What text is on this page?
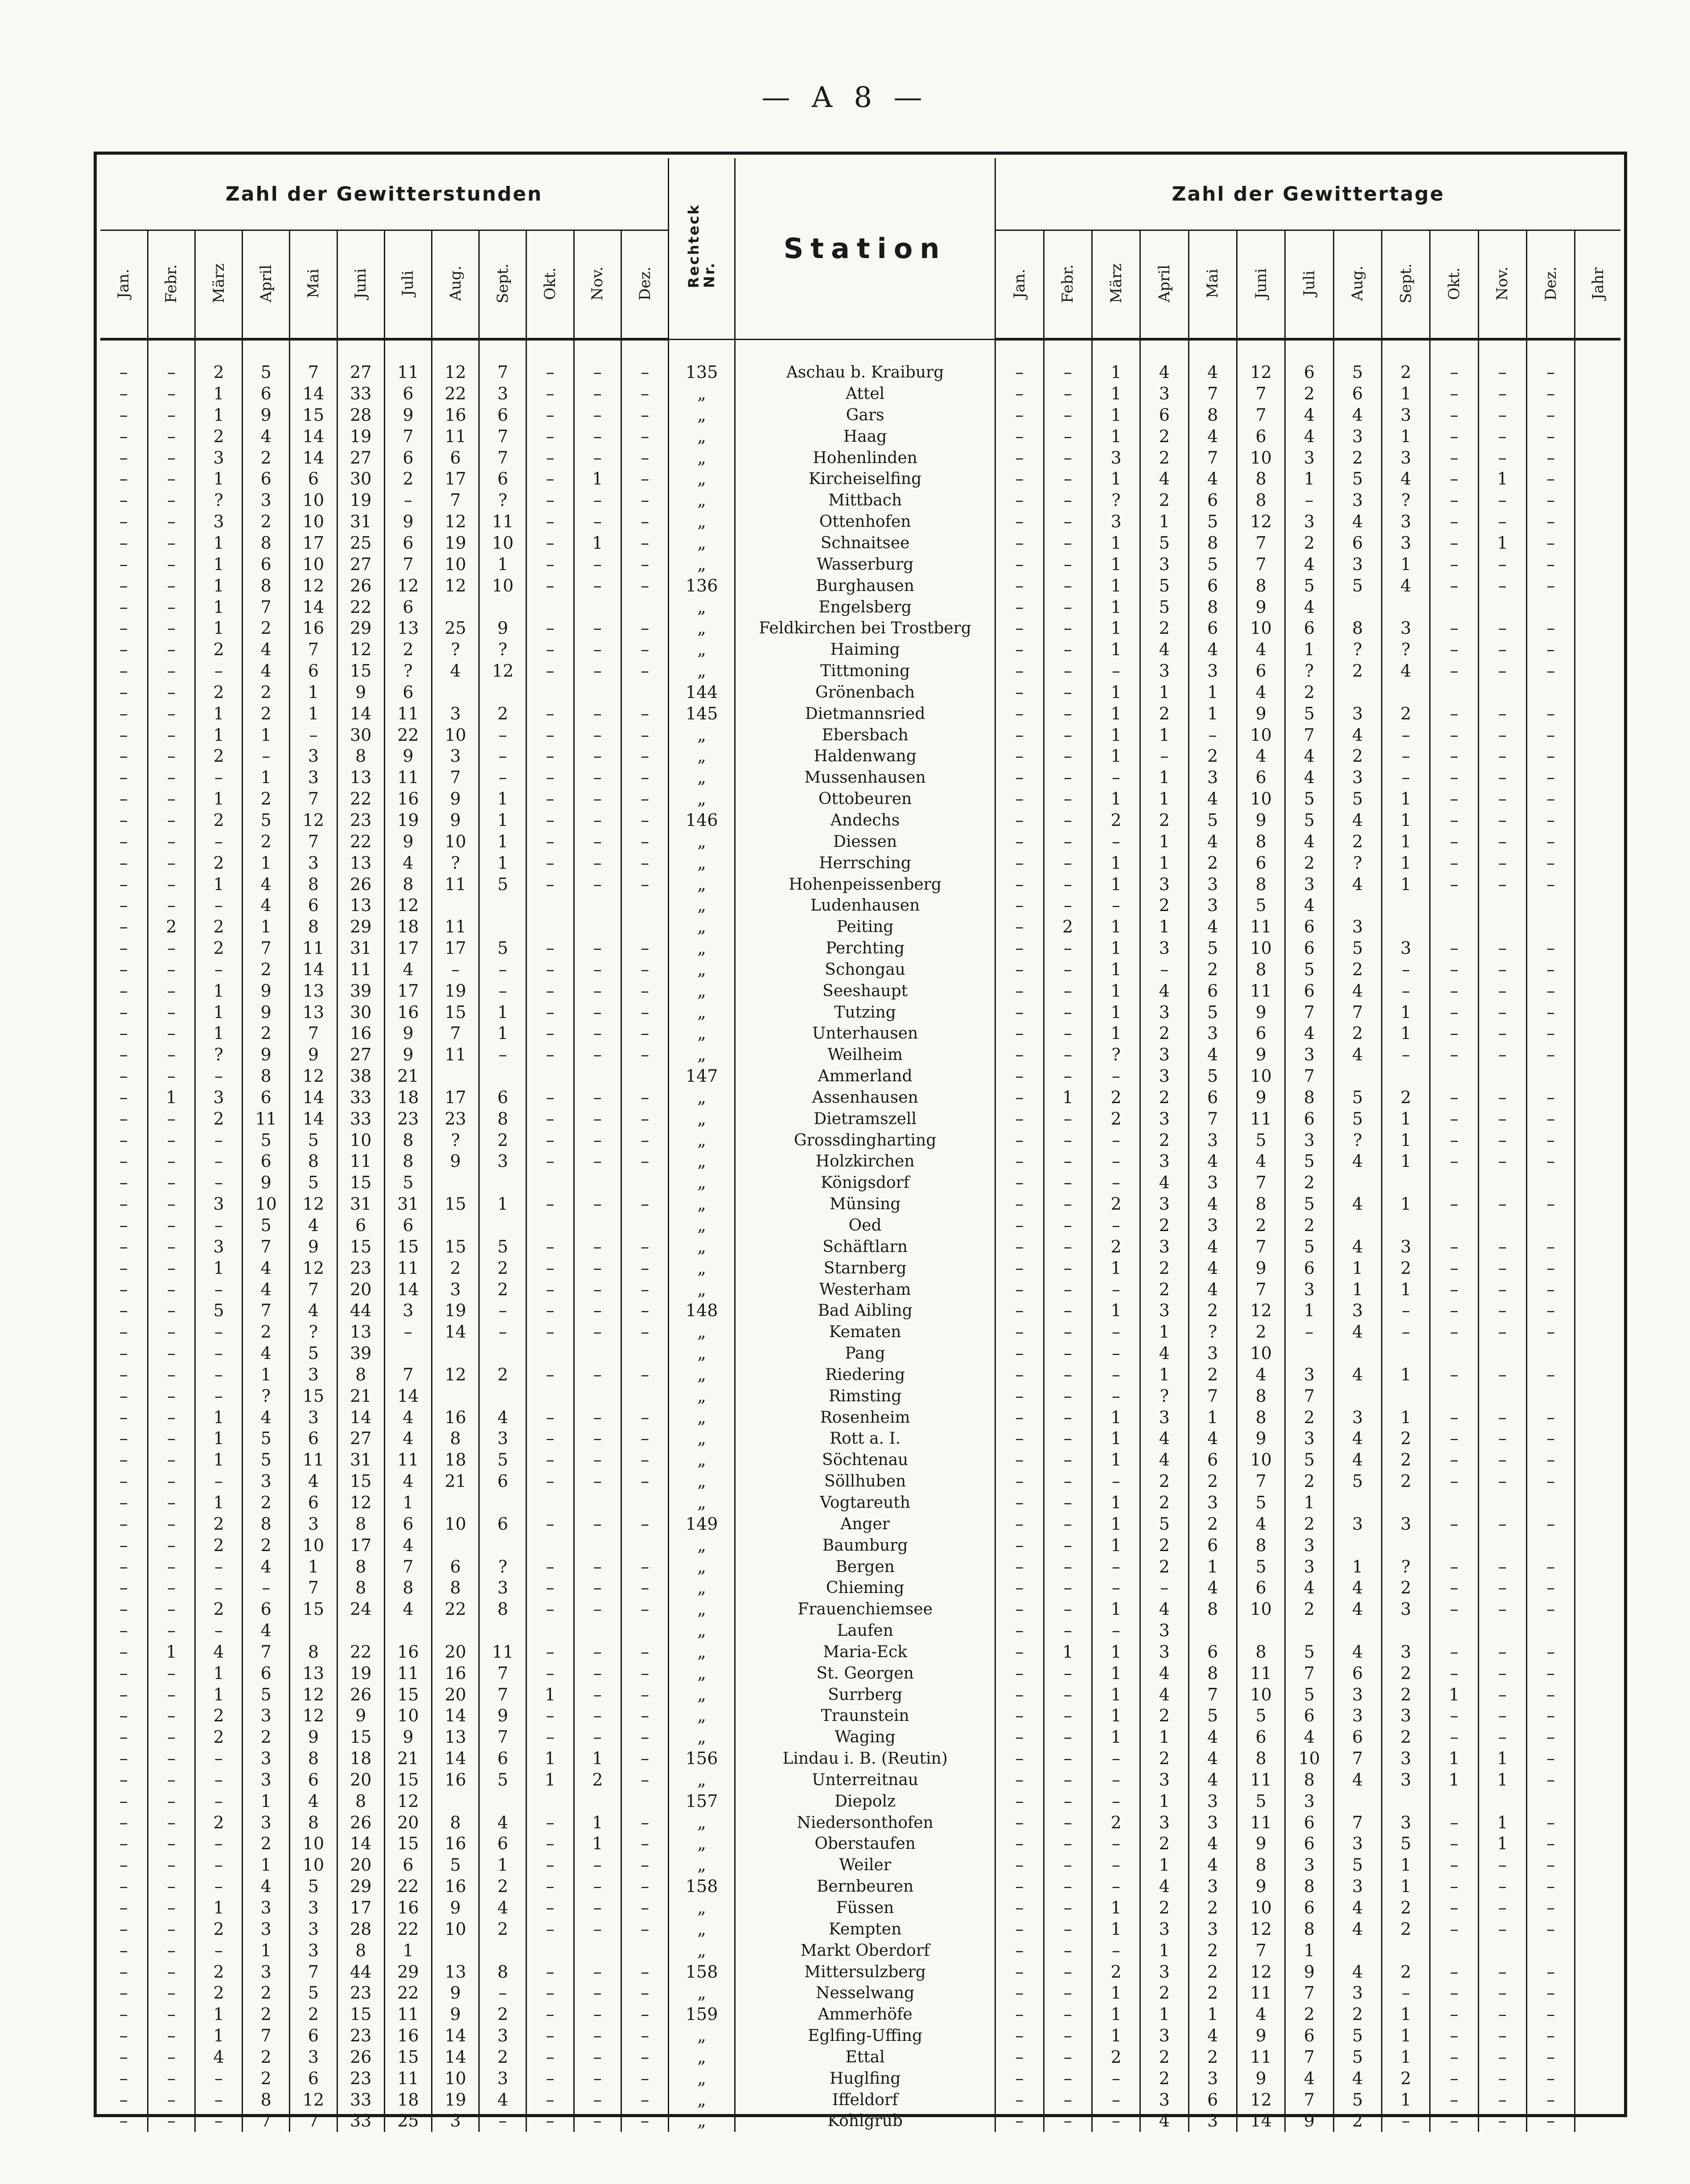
— A 8 —
Zahl der Gewitterstunden												RechteckNr.	Station	Zahl der Gewittertage												
Jan.	Febr.	März	April	Mai	Juni	Juli	Aug.	Sept.	Okt.	Nov.	Dez.			Jan.	Febr.	März	April	Mai	Juni	Juli	Aug.	Sept.	Okt.	Nov.	Dez.	Jahr

–	–	2	5	7	27	11	12	7	–	–	–	135	Aschau b. Kraiburg	–	–	1	4	4	12	6	5	2	–	–	–	
–	–	1	6	14	33	6	22	3	–	–	–	„	Attel	–	–	1	3	7	7	2	6	1	–	–	–	
–	–	1	9	15	28	9	16	6	–	–	–	„	Gars	–	–	1	6	8	7	4	4	3	–	–	–	
–	–	2	4	14	19	7	11	7	–	–	–	„	Haag	–	–	1	2	4	6	4	3	1	–	–	–	
–	–	3	2	14	27	6	6	7	–	–	–	„	Hohenlinden	–	–	3	2	7	10	3	2	3	–	–	–	
–	–	1	6	6	30	2	17	6	–	1	–	„	Kircheiselfing	–	–	1	4	4	8	1	5	4	–	1	–	
–	–	?	3	10	19	–	7	?	–	–	–	„	Mittbach	–	–	?	2	6	8	–	3	?	–	–	–	
–	–	3	2	10	31	9	12	11	–	–	–	„	Ottenhofen	–	–	3	1	5	12	3	4	3	–	–	–	
–	–	1	8	17	25	6	19	10	–	1	–	„	Schnaitsee	–	–	1	5	8	7	2	6	3	–	1	–	
–	–	1	6	10	27	7	10	1	–	–	–	„	Wasserburg	–	–	1	3	5	7	4	3	1	–	–	–	
–	–	1	8	12	26	12	12	10	–	–	–	136	Burghausen	–	–	1	5	6	8	5	5	4	–	–	–	
–	–	1	7	14	22	6						„	Engelsberg	–	–	1	5	8	9	4						
–	–	1	2	16	29	13	25	9	–	–	–	„	Feldkirchen bei Trostberg	–	–	1	2	6	10	6	8	3	–	–	–	
–	–	2	4	7	12	2	?	?	–	–	–	„	Haiming	–	–	1	4	4	4	1	?	?	–	–	–	
–	–	–	4	6	15	?	4	12	–	–	–	„	Tittmoning	–	–	–	3	3	6	?	2	4	–	–	–	
–	–	2	2	1	9	6						144	Grönenbach	–	–	1	1	1	4	2						
–	–	1	2	1	14	11	3	2	–	–	–	145	Dietmannsried	–	–	1	2	1	9	5	3	2	–	–	–	
–	–	1	1	–	30	22	10	–	–	–	–	„	Ebersbach	–	–	1	1	–	10	7	4	–	–	–	–	
–	–	2	–	3	8	9	3	–	–	–	–	„	Haldenwang	–	–	1	–	2	4	4	2	–	–	–	–	
–	–	–	1	3	13	11	7	–	–	–	–	„	Mussenhausen	–	–	–	1	3	6	4	3	–	–	–	–	
–	–	1	2	7	22	16	9	1	–	–	–	„	Ottobeuren	–	–	1	1	4	10	5	5	1	–	–	–	
–	–	2	5	12	23	19	9	1	–	–	–	146	Andechs	–	–	2	2	5	9	5	4	1	–	–	–	
–	–	–	2	7	22	9	10	1	–	–	–	„	Diessen	–	–	–	1	4	8	4	2	1	–	–	–	
–	–	2	1	3	13	4	?	1	–	–	–	„	Herrsching	–	–	1	1	2	6	2	?	1	–	–	–	
–	–	1	4	8	26	8	11	5	–	–	–	„	Hohenpeissenberg	–	–	1	3	3	8	3	4	1	–	–	–	
–	–	–	4	6	13	12						„	Ludenhausen	–	–	–	2	3	5	4						
–	2	2	1	8	29	18	11					„	Peiting	–	2	1	1	4	11	6	3					
–	–	2	7	11	31	17	17	5	–	–	–	„	Perchting	–	–	1	3	5	10	6	5	3	–	–	–	
–	–	–	2	14	11	4	–	–	–	–	–	„	Schongau	–	–	1	–	2	8	5	2	–	–	–	–	
–	–	1	9	13	39	17	19	–	–	–	–	„	Seeshaupt	–	–	1	4	6	11	6	4	–	–	–	–	
–	–	1	9	13	30	16	15	1	–	–	–	„	Tutzing	–	–	1	3	5	9	7	7	1	–	–	–	
–	–	1	2	7	16	9	7	1	–	–	–	„	Unterhausen	–	–	1	2	3	6	4	2	1	–	–	–	
–	–	?	9	9	27	9	11	–	–	–	–	„	Weilheim	–	–	?	3	4	9	3	4	–	–	–	–	
–	–	–	8	12	38	21						147	Ammerland	–	–	–	3	5	10	7						
–	1	3	6	14	33	18	17	6	–	–	–	„	Assenhausen	–	1	2	2	6	9	8	5	2	–	–	–	
–	–	2	11	14	33	23	23	8	–	–	–	„	Dietramszell	–	–	2	3	7	11	6	5	1	–	–	–	
–	–	–	5	5	10	8	?	2	–	–	–	„	Grossdingharting	–	–	–	2	3	5	3	?	1	–	–	–	
–	–	–	6	8	11	8	9	3	–	–	–	„	Holzkirchen	–	–	–	3	4	4	5	4	1	–	–	–	
–	–	–	9	5	15	5						„	Königsdorf	–	–	–	4	3	7	2						
–	–	3	10	12	31	31	15	1	–	–	–	„	Münsing	–	–	2	3	4	8	5	4	1	–	–	–	
–	–	–	5	4	6	6						„	Oed	–	–	–	2	3	2	2						
–	–	3	7	9	15	15	15	5	–	–	–	„	Schäftlarn	–	–	2	3	4	7	5	4	3	–	–	–	
–	–	1	4	12	23	11	2	2	–	–	–	„	Starnberg	–	–	1	2	4	9	6	1	2	–	–	–	
–	–	–	4	7	20	14	3	2	–	–	–	„	Westerham	–	–	–	2	4	7	3	1	1	–	–	–	
–	–	5	7	4	44	3	19	–	–	–	–	148	Bad Aibling	–	–	1	3	2	12	1	3	–	–	–	–	
–	–	–	2	?	13	–	14	–	–	–	–	„	Kematen	–	–	–	1	?	2	–	4	–	–	–	–	
–	–	–	4	5	39							„	Pang	–	–	–	4	3	10							
–	–	–	1	3	8	7	12	2	–	–	–	„	Riedering	–	–	–	1	2	4	3	4	1	–	–	–	
–	–	–	?	15	21	14						„	Rimsting	–	–	–	?	7	8	7						
–	–	1	4	3	14	4	16	4	–	–	–	„	Rosenheim	–	–	1	3	1	8	2	3	1	–	–	–	
–	–	1	5	6	27	4	8	3	–	–	–	„	Rott a. I.	–	–	1	4	4	9	3	4	2	–	–	–	
–	–	1	5	11	31	11	18	5	–	–	–	„	Söchtenau	–	–	1	4	6	10	5	4	2	–	–	–	
–	–	–	3	4	15	4	21	6	–	–	–	„	Söllhuben	–	–	–	2	2	7	2	5	2	–	–	–	
–	–	1	2	6	12	1						„	Vogtareuth	–	–	1	2	3	5	1						
–	–	2	8	3	8	6	10	6	–	–	–	149	Anger	–	–	1	5	2	4	2	3	3	–	–	–	
–	–	2	2	10	17	4						„	Baumburg	–	–	1	2	6	8	3						
–	–	–	4	1	8	7	6	?	–	–	–	„	Bergen	–	–	–	2	1	5	3	1	?	–	–	–	
–	–	–	–	7	8	8	8	3	–	–	–	„	Chieming	–	–	–	–	4	6	4	4	2	–	–	–	
–	–	2	6	15	24	4	22	8	–	–	–	„	Frauenchiemsee	–	–	1	4	8	10	2	4	3	–	–	–	
–	–	–	4									„	Laufen	–	–	–	3									
–	1	4	7	8	22	16	20	11	–	–	–	„	Maria-Eck	–	1	1	3	6	8	5	4	3	–	–	–	
–	–	1	6	13	19	11	16	7	–	–	–	„	St. Georgen	–	–	1	4	8	11	7	6	2	–	–	–	
–	–	1	5	12	26	15	20	7	1	–	–	„	Surrberg	–	–	1	4	7	10	5	3	2	1	–	–	
–	–	2	3	12	9	10	14	9	–	–	–	„	Traunstein	–	–	1	2	5	5	6	3	3	–	–	–	
–	–	2	2	9	15	9	13	7	–	–	–	„	Waging	–	–	1	1	4	6	4	6	2	–	–	–	
–	–	–	3	8	18	21	14	6	1	1	–	156	Lindau i. B. (Reutin)	–	–	–	2	4	8	10	7	3	1	1	–	
–	–	–	3	6	20	15	16	5	1	2	–	„	Unterreitnau	–	–	–	3	4	11	8	4	3	1	1	–	
–	–	–	1	4	8	12						157	Diepolz	–	–	–	1	3	5	3						
–	–	2	3	8	26	20	8	4	–	1	–	„	Niedersonthofen	–	–	2	3	3	11	6	7	3	–	1	–	
–	–	–	2	10	14	15	16	6	–	1	–	„	Oberstaufen	–	–	–	2	4	9	6	3	5	–	1	–	
–	–	–	1	10	20	6	5	1	–	–	–	„	Weiler	–	–	–	1	4	8	3	5	1	–	–	–	
–	–	–	4	5	29	22	16	2	–	–	–	158	Bernbeuren	–	–	–	4	3	9	8	3	1	–	–	–	
–	–	1	3	3	17	16	9	4	–	–	–	„	Füssen	–	–	1	2	2	10	6	4	2	–	–	–	
–	–	2	3	3	28	22	10	2	–	–	–	„	Kempten	–	–	1	3	3	12	8	4	2	–	–	–	
–	–	–	1	3	8	1						„	Markt Oberdorf	–	–	–	1	2	7	1						
–	–	2	3	7	44	29	13	8	–	–	–	158	Mittersulzberg	–	–	2	3	2	12	9	4	2	–	–	–	
–	–	2	2	5	23	22	9	–	–	–	–	„	Nesselwang	–	–	1	2	2	11	7	3	–	–	–	–	
–	–	1	2	2	15	11	9	2	–	–	–	159	Ammerhöfe	–	–	1	1	1	4	2	2	1	–	–	–	
–	–	1	7	6	23	16	14	3	–	–	–	„	Eglfing-Uffing	–	–	1	3	4	9	6	5	1	–	–	–	
–	–	4	2	3	26	15	14	2	–	–	–	„	Ettal	–	–	2	2	2	11	7	5	1	–	–	–	
–	–	–	2	6	23	11	10	3	–	–	–	„	Huglfing	–	–	–	2	3	9	4	4	2	–	–	–	
–	–	–	8	12	33	18	19	4	–	–	–	„	Iffeldorf	–	–	–	3	6	12	7	5	1	–	–	–	
–	–	–	7	7	33	25	3	–	–	–	–	„	Kohlgrub	–	–	–	4	3	14	9	2	–	–	–	–	
